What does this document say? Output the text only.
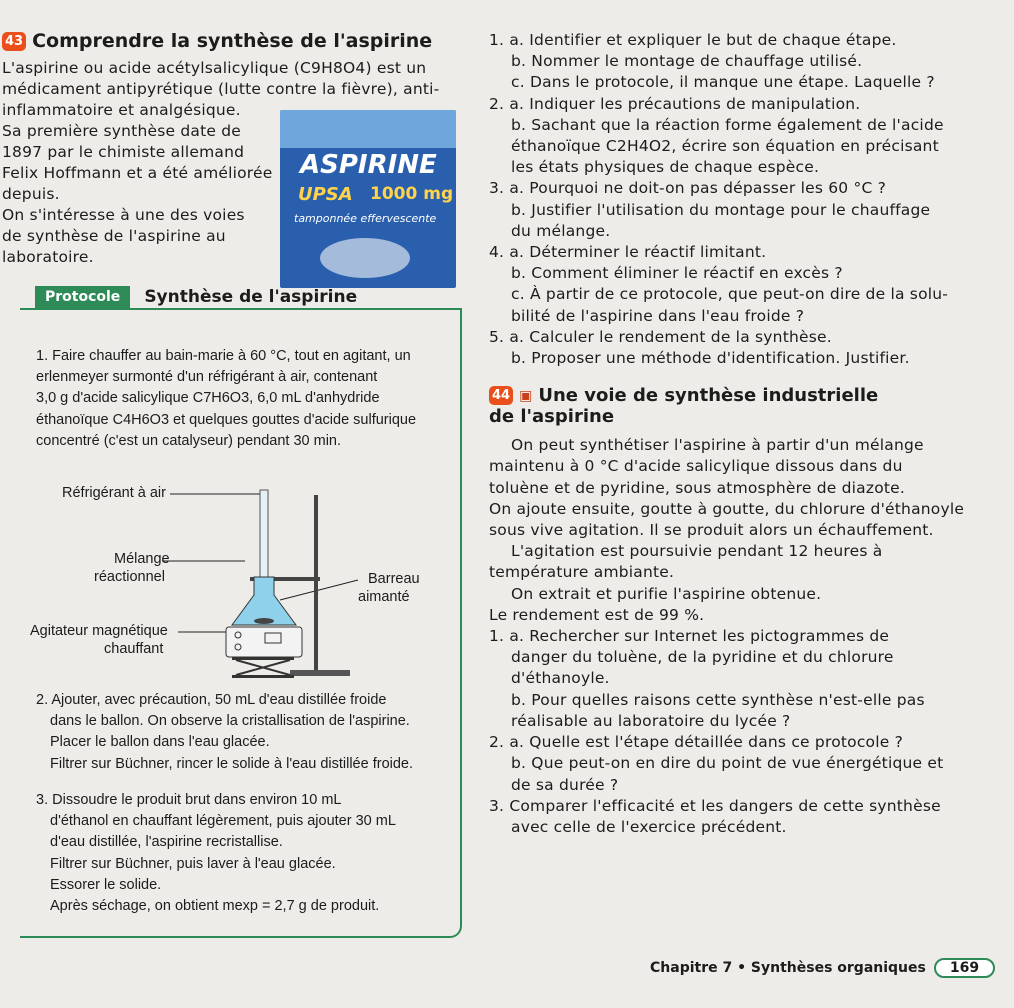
43 Comprendre la synthèse de l'aspirine

L'aspirine ou acide acétylsalicylique (C9H8O4) est un

médicament antipyrétique (lutte contre la fièvre), anti-

inflammatoire et analgésique.

Sa première synthèse date de

1897 par le chimiste allemand

Felix Hoffmann et a été améliorée

depuis.

On s'intéresse à une des voies

de synthèse de l'aspirine au

laboratoire.

ASPIRINE
UPSA 1000 mg
tamponnée effervescente
Protocole	Synthèse de l'aspirine
1. Faire chauffer au bain-marie à 60 °C, tout en agitant, un
erlenmeyer surmonté d'un réfrigérant à air, contenant
3,0 g d'acide salicylique C7H6O3, 6,0 mL d'anhydride
éthanoïque C4H6O3 et quelques gouttes d'acide sulfurique
concentré (c'est un catalyseur) pendant 30 min.
Réfrigérant à air
Mélange
réactionnel	Barreau
aimanté
Agitateur magnétique
chauffant
2. Ajouter, avec précaution, 50 mL d'eau distillée froide
dans le ballon. On observe la cristallisation de l'aspirine.
Placer le ballon dans l'eau glacée.
Filtrer sur Büchner, rincer le solide à l'eau distillée froide.
3. Dissoudre le produit brut dans environ 10 mL
d'éthanol en chauffant légèrement, puis ajouter 30 mL
d'eau distillée, l'aspirine recristallise.
Filtrer sur Büchner, puis laver à l'eau glacée.
Essorer le solide.
Après séchage, on obtient mexp = 2,7 g de produit.

1. a. Identifier et expliquer le but de chaque étape.

b. Nommer le montage de chauffage utilisé.

c. Dans le protocole, il manque une étape. Laquelle ?

2. a. Indiquer les précautions de manipulation.

b. Sachant que la réaction forme également de l'acide

éthanoïque C2H4O2, écrire son équation en précisant

les états physiques de chaque espèce.

3. a. Pourquoi ne doit-on pas dépasser les 60 °C ?

b. Justifier l'utilisation du montage pour le chauffage

du mélange.

4. a. Déterminer le réactif limitant.

b. Comment éliminer le réactif en excès ?

c. À partir de ce protocole, que peut-on dire de la solu-

bilité de l'aspirine dans l'eau froide ?

5. a. Calculer le rendement de la synthèse.

b. Proposer une méthode d'identification. Justifier.

44 ▣ Une voie de synthèse industrielle
de l'aspirine

On peut synthétiser l'aspirine à partir d'un mélange

maintenu à 0 °C d'acide salicylique dissous dans du

toluène et de pyridine, sous atmosphère de diazote.

On ajoute ensuite, goutte à goutte, du chlorure d'éthanoyle

sous vive agitation. Il se produit alors un échauffement.

L'agitation est poursuivie pendant 12 heures à

température ambiante.

On extrait et purifie l'aspirine obtenue.

Le rendement est de 99 %.

1. a. Rechercher sur Internet les pictogrammes de

danger du toluène, de la pyridine et du chlorure

d'éthanoyle.

b. Pour quelles raisons cette synthèse n'est-elle pas

réalisable au laboratoire du lycée ?

2. a. Quelle est l'étape détaillée dans ce protocole ?

b. Que peut-on en dire du point de vue énergétique et

de sa durée ?

3. Comparer l'efficacité et les dangers de cette synthèse

avec celle de l'exercice précédent.

Chapitre 7 • Synthèses organiques	169
